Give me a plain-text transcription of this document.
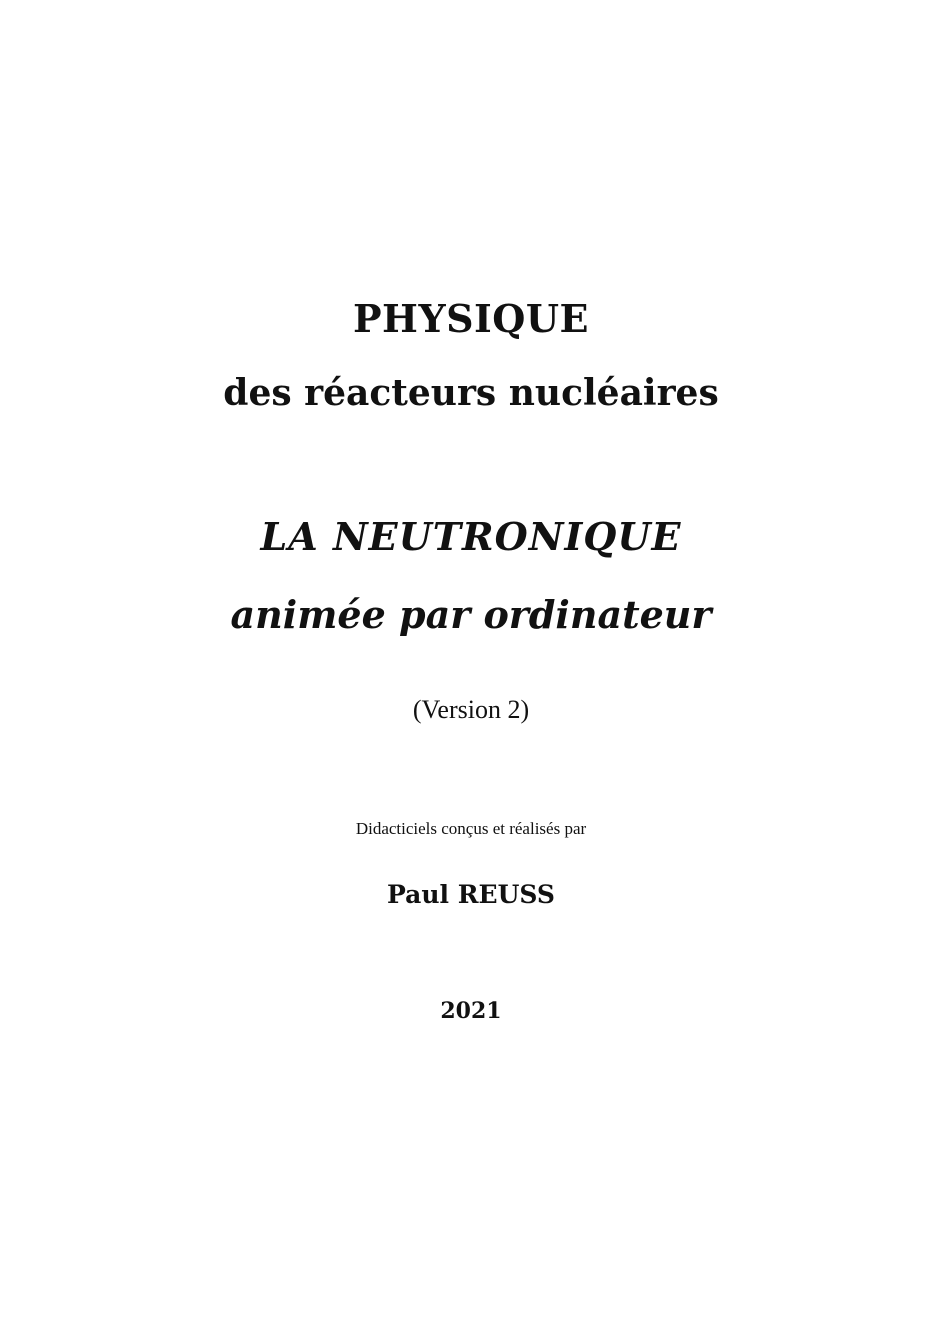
PHYSIQUE
des réacteurs nucléaires
LA NEUTRONIQUE
animée par ordinateur
(Version 2)
Didacticiels conçus et réalisés par
Paul REUSS
2021
